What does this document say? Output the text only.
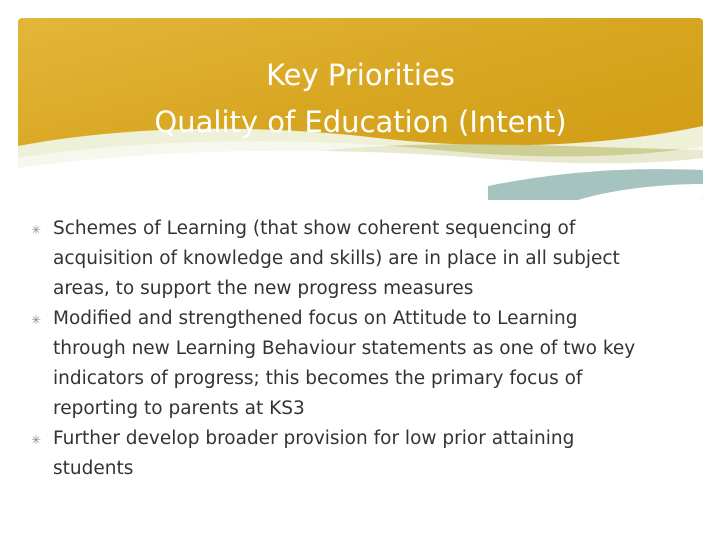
Key Priorities
Quality of Education (Intent)
✳ Schemes of Learning (that show coherent sequencing of
acquisition of knowledge and skills) are in place in all subject
areas, to support the new progress measures
✳ Modified and strengthened focus on Attitude to Learning
through new Learning Behaviour statements as one of two key
indicators of progress; this becomes the primary focus of
reporting to parents at KS3
✳ Further develop broader provision for low prior attaining
students
